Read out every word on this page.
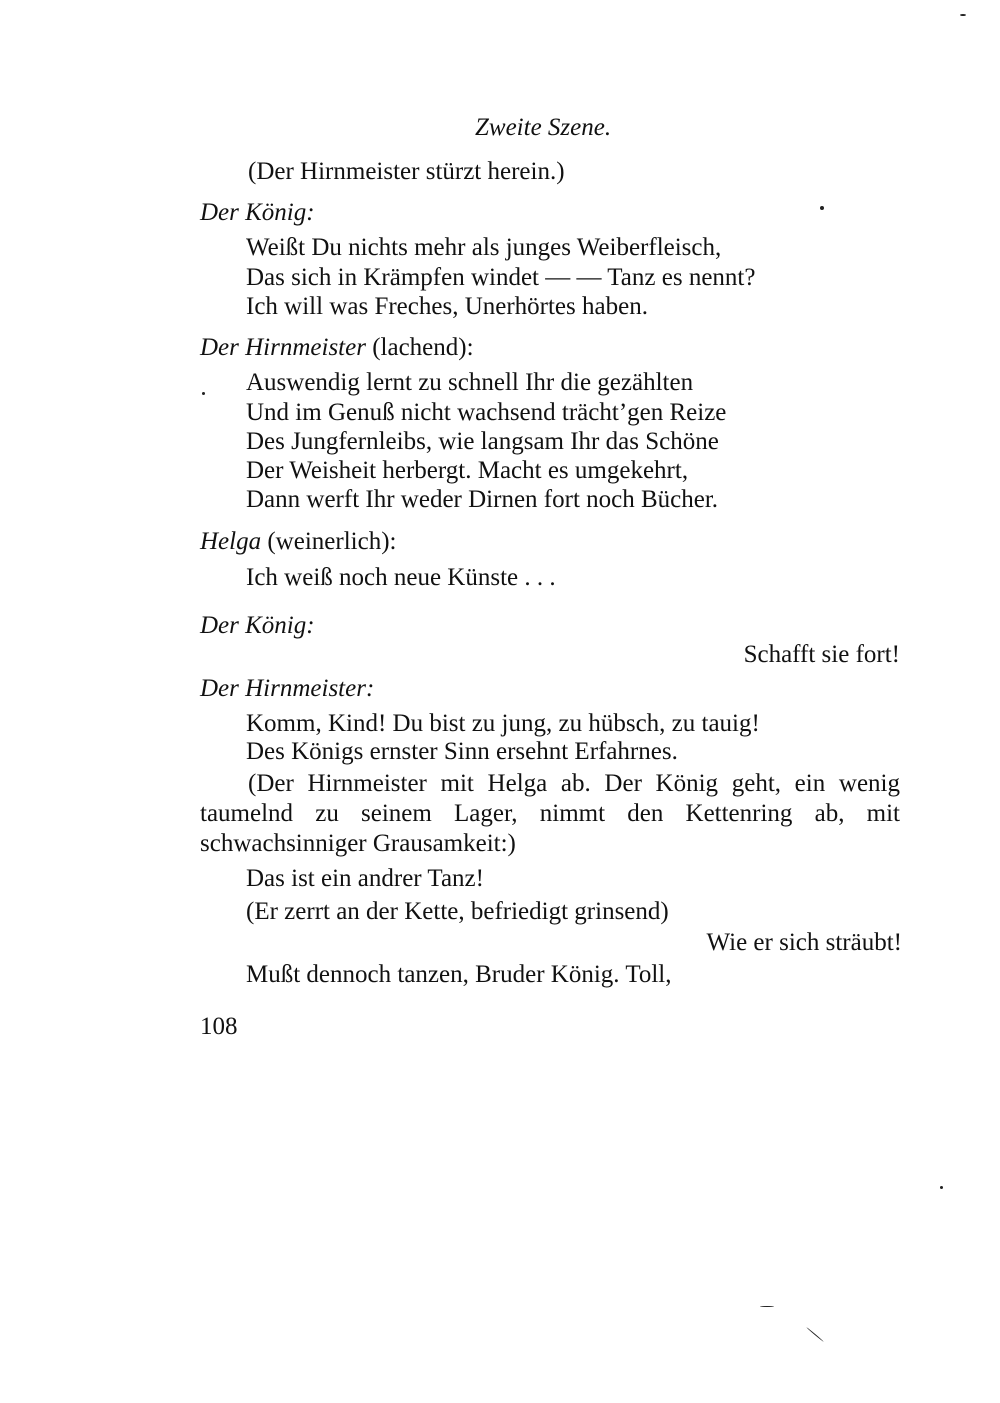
Zweite Szene.
(Der Hirnmeister stürzt herein.)
Der König:
Weißt Du nichts mehr als junges Weiberfleisch,
Das sich in Krämpfen windet — — Tanz es nennt?
Ich will was Freches, Unerhörtes haben.
Der Hirnmeister (lachend):
Auswendig lernt zu schnell Ihr die gezählten
Und im Genuß nicht wachsend trächt’gen Reize
Des Jungfernleibs, wie langsam Ihr das Schöne
Der Weisheit herbergt. Macht es umgekehrt,
Dann werft Ihr weder Dirnen fort noch Bücher.
Helga (weinerlich):
Ich weiß noch neue Künste . . .
Der König:
Schafft sie fort!
Der Hirnmeister:
Komm, Kind! Du bist zu jung, zu hübsch, zu tauig!
Des Königs ernster Sinn ersehnt Erfahrnes.
(Der Hirnmeister mit Helga ab. Der König geht, ein wenig taumelnd zu seinem Lager, nimmt den Kettenring ab, mit schwachsinniger Grausamkeit:)
Das ist ein andrer Tanz!
(Er zerrt an der Kette, befriedigt grinsend)
Wie er sich sträubt!
Mußt dennoch tanzen, Bruder König. Toll,
108
